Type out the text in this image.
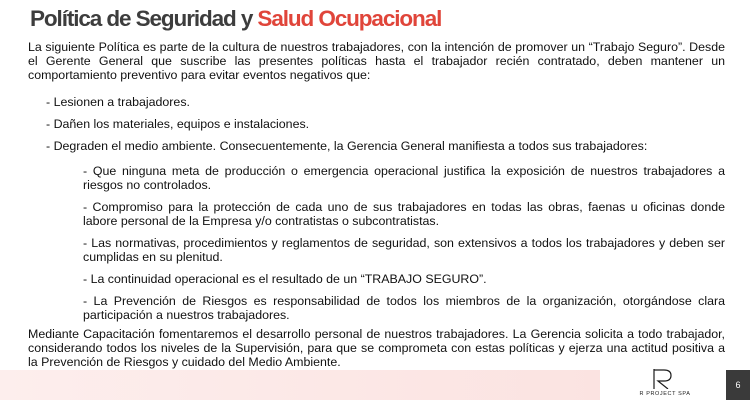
Política de Seguridad y Salud Ocupacional

La siguiente Política es parte de la cultura de nuestros trabajadores, con la intención de promover un “Trabajo Seguro”. Desde el Gerente General que suscribe las presentes políticas hasta el trabajador recién contratado, deben mantener un comportamiento preventivo para evitar eventos negativos que:

- Lesionen a trabajadores.

- Dañen los materiales, equipos e instalaciones.

- Degraden el medio ambiente. Consecuentemente, la Gerencia General manifiesta a todos sus trabajadores:

- Que ninguna meta de producción o emergencia operacional justifica la exposición de nuestros trabajadores a riesgos no controlados.

- Compromiso para la protección de cada uno de sus trabajadores en todas las obras, faenas u oficinas donde labore personal de la Empresa y/o contratistas o subcontratistas.

- Las normativas, procedimientos y reglamentos de seguridad, son extensivos a todos los trabajadores y deben ser cumplidas en su plenitud.

- La continuidad operacional es el resultado de un “TRABAJO SEGURO”.

- La Prevención de Riesgos es responsabilidad de todos los miembros de la organización, otorgándose clara participación a nuestros trabajadores.

Mediante Capacitación fomentaremos el desarrollo personal de nuestros trabajadores. La Gerencia solicita a todo trabajador, considerando todos los niveles de la Supervisión, para que se comprometa con estas políticas y ejerza una actitud positiva a la Prevención de Riesgos y cuidado del Medio Ambiente.

R PROJECT SPA
6
